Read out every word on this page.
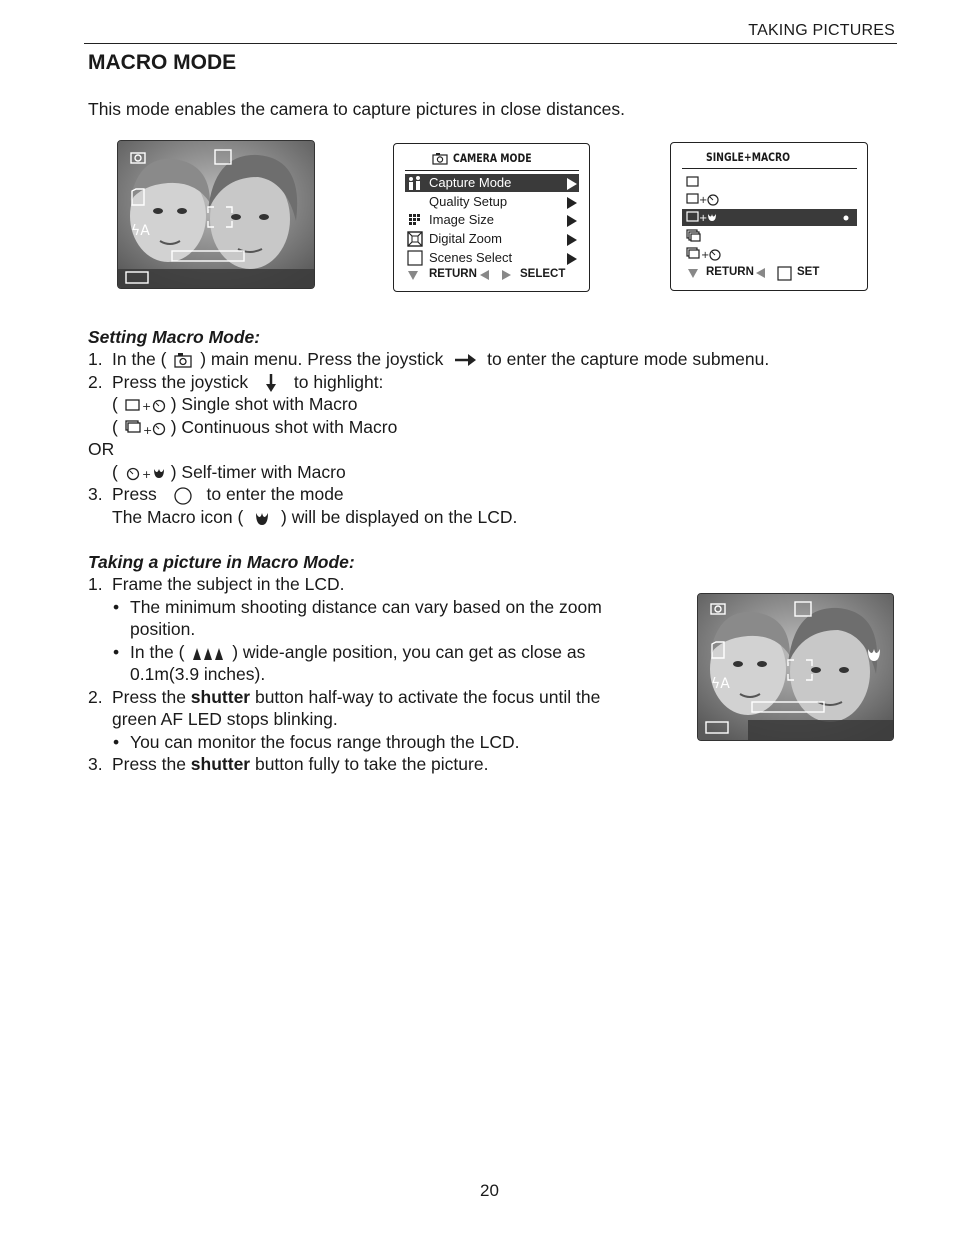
TAKING PICTURES
MACRO MODE
This mode enables the camera to capture pictures in close distances.
ϟA
CAMERA MODE
Capture Mode
Quality Setup
Image Size
Digital Zoom
Scenes Select
RETURN	SELECT
SINGLE+MACRO
+
+
+
RETURN	SET
Setting Macro Mode:
1. In the ( ) main menu. Press the joystick	to enter the capture mode submenu.
2. Press the joystick	to highlight:
( + ) Single shot with Macro
( + ) Continuous shot with Macro
OR
( + ) Self-timer with Macro
3. Press	to enter the mode
The Macro icon ( ) will be displayed on the LCD.
Taking a picture in Macro Mode:
1. Frame the subject in the LCD.
• The minimum shooting distance can vary based on the zoom
position.
• In the (	) wide-angle position, you can get as close as
0.1m(3.9 inches).
2. Press the shutter button half-way to activate the focus until the
green AF LED stops blinking.
• You can monitor the focus range through the LCD.
3. Press the shutter button fully to take the picture.
ϟA
20
